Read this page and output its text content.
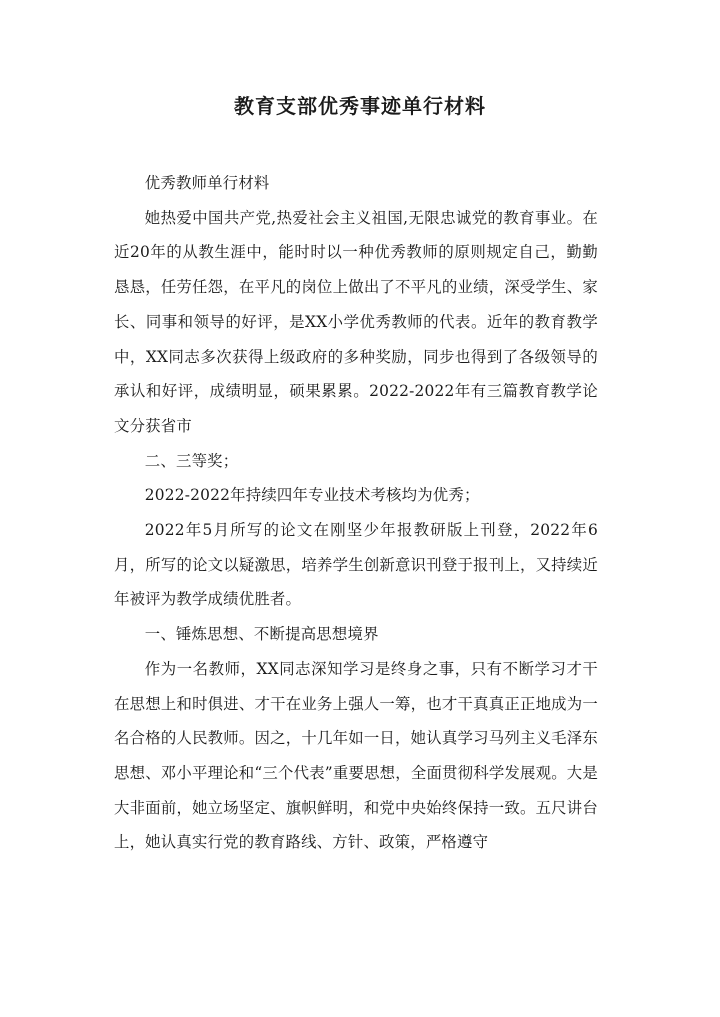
教育支部优秀事迹单行材料

优秀教师单行材料

她热爱中国共产党,热爱社会主义祖国,无限忠诚党的教育事业。在近20年的从教生涯中，能时时以一种优秀教师的原则规定自己，勤勤恳恳，任劳任怨，在平凡的岗位上做出了不平凡的业绩，深受学生、家长、同事和领导的好评，是XX小学优秀教师的代表。近年的教育教学中，XX同志多次获得上级政府的多种奖励，同步也得到了各级领导的承认和好评，成绩明显，硕果累累。2022-2022年有三篇教育教学论文分获省市

二、三等奖；

2022-2022年持续四年专业技术考核均为优秀；

2022年5月所写的论文在刚坚少年报教研版上刊登，2022年6月，所写的论文以疑激思，培养学生创新意识刊登于报刊上，又持续近年被评为教学成绩优胜者。

一、锤炼思想、不断提高思想境界

作为一名教师，XX同志深知学习是终身之事，只有不断学习才干在思想上和时俱进、才干在业务上强人一筹，也才干真真正正地成为一名合格的人民教师。因之，十几年如一日，她认真学习马列主义毛泽东思想、邓小平理论和“三个代表”重要思想，全面贯彻科学发展观。大是大非面前，她立场坚定、旗帜鲜明，和党中央始终保持一致。五尺讲台上，她认真实行党的教育路线、方针、政策，严格遵守
